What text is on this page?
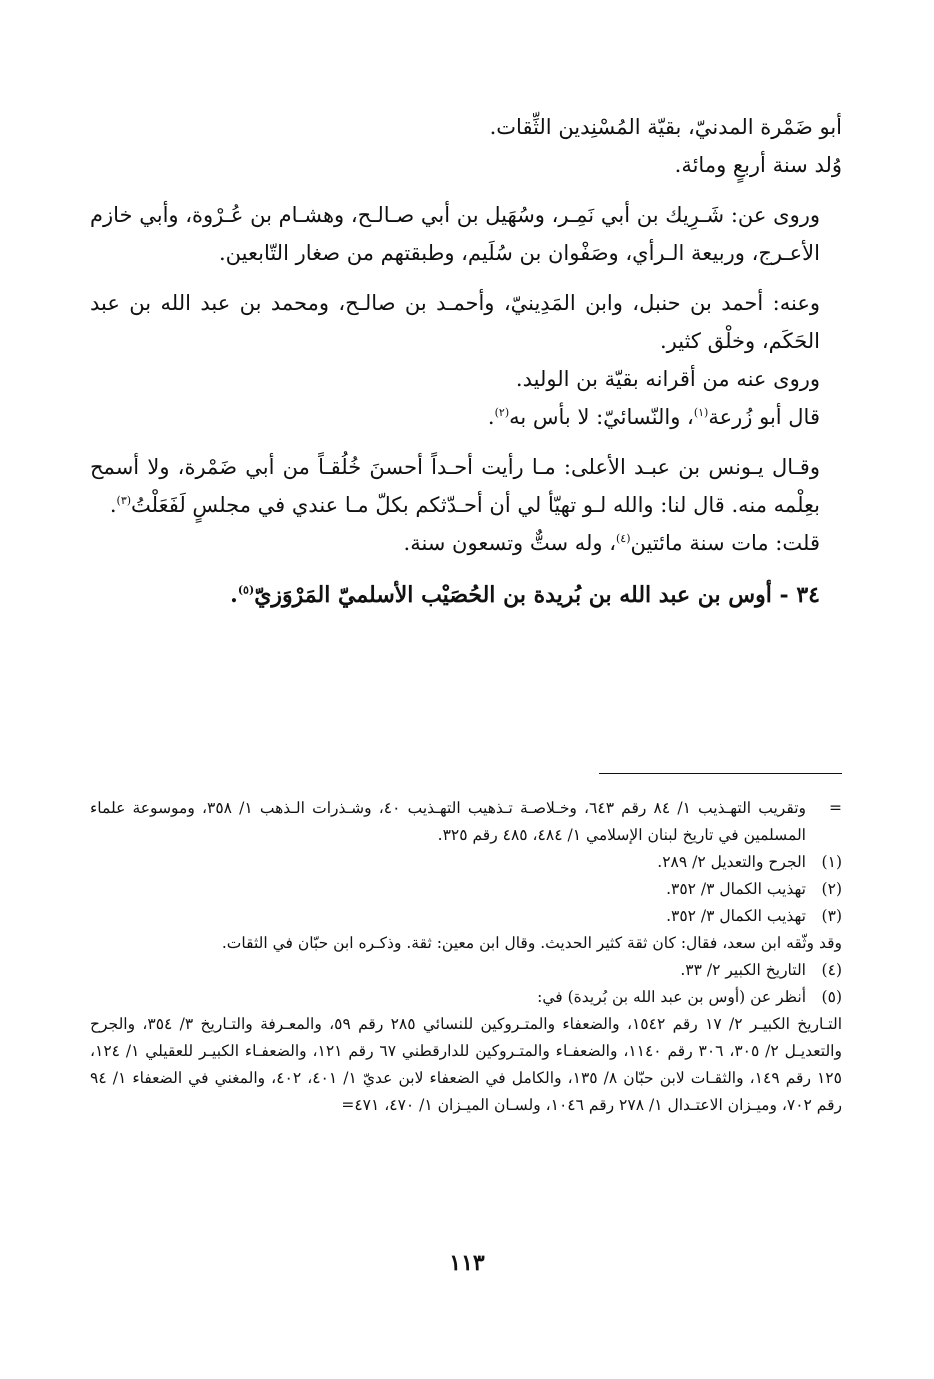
أبو ضَمْرة المدنيّ، بقيّة المُسْنِدين الثِّقات.

وُلد سنة أربعٍ ومائة.

وروى عن: شَـرِيك بن أبي نَمِـر، وسُهَيل بن أبي صـالـح، وهشـام بن عُـرْوة، وأبي خازم الأعـرج، وربيعة الـرأي، وصَفْوان بن سُلَيم، وطبقتهم من صغار التّابعين.

وعنه: أحمد بن حنبل، وابن المَدِينيّ، وأحمـد بن صالـح، ومحمد بن عبد الله بن عبد الحَكَم، وخلْق كثير.

وروى عنه من أقرانه بقيّة بن الوليد.

قال أبو زُرعة$^{(١)}$، والنّسائيّ: لا بأس به$^{(٢)}$.

وقـال يـونس بن عبـد الأعلى: مـا رأيت أحـداً أحسنَ خُلُقـاً من أبي ضَمْرة، ولا أسمح بعِلْمه منه. قال لنا: والله لـو تهيّأ لي أن أحـدّثكم بكلّ مـا عندي في مجلسٍ لَفَعَلْتُ$^{(٣)}$.

قلت: مات سنة مائتين$^{(٤)}$، وله ستٌّ وتسعون سنة.

٣٤ - أوس بن عبد الله بن بُريدة بن الحُصَيْب الأسلميّ المَرْوَزيّ$^{(٥)}$.

=
وتقريب التهـذيب ١/ ٨٤ رقم ٦٤٣، وخـلاصـة تـذهيب التهـذيب ٤٠، وشـذرات الـذهب ١/ ٣٥٨، وموسوعة علماء المسلمين في تاريخ لبنان الإسلامي ١/ ٤٨٤، ٤٨٥ رقم ٣٢٥.
(١)
الجرح والتعديل ٢/ ٢٨٩.
(٢)
تهذيب الكمال ٣/ ٣٥٢.
(٣)
تهذيب الكمال ٣/ ٣٥٢.

وقد وثّقه ابن سعد، فقال: كان ثقة كثير الحديث. وقال ابن معين: ثقة. وذكـره ابن حبّان في الثقات.

(٤)
التاريخ الكبير ٢/ ٣٣.
(٥)
أنظر عن (أوس بن عبد الله بن بُريدة) في:

التـاريخ الكبيـر ٢/ ١٧ رقم ١٥٤٢، والضعفاء والمتـروكين للنسائي ٢٨٥ رقم ٥٩، والمعـرفة والتـاريخ ٣/ ٣٥٤، والجرح والتعديـل ٢/ ٣٠٥، ٣٠٦ رقم ١١٤٠، والضعفـاء والمتـروكين للدارقطني ٦٧ رقم ١٢١، والضعفـاء الكبيـر للعقيلي ١/ ١٢٤، ١٢٥ رقم ١٤٩، والثقـات لابن حبّان ٨/ ١٣٥، والكامل في الضعفاء لابن عديّ ١/ ٤٠١، ٤٠٢، والمغني في الضعفاء ١/ ٩٤ رقم ٧٠٢، وميـزان الاعتـدال ١/ ٢٧٨ رقم ١٠٤٦، ولسـان الميـزان ١/ ٤٧٠، ٤٧١=

١١٣
